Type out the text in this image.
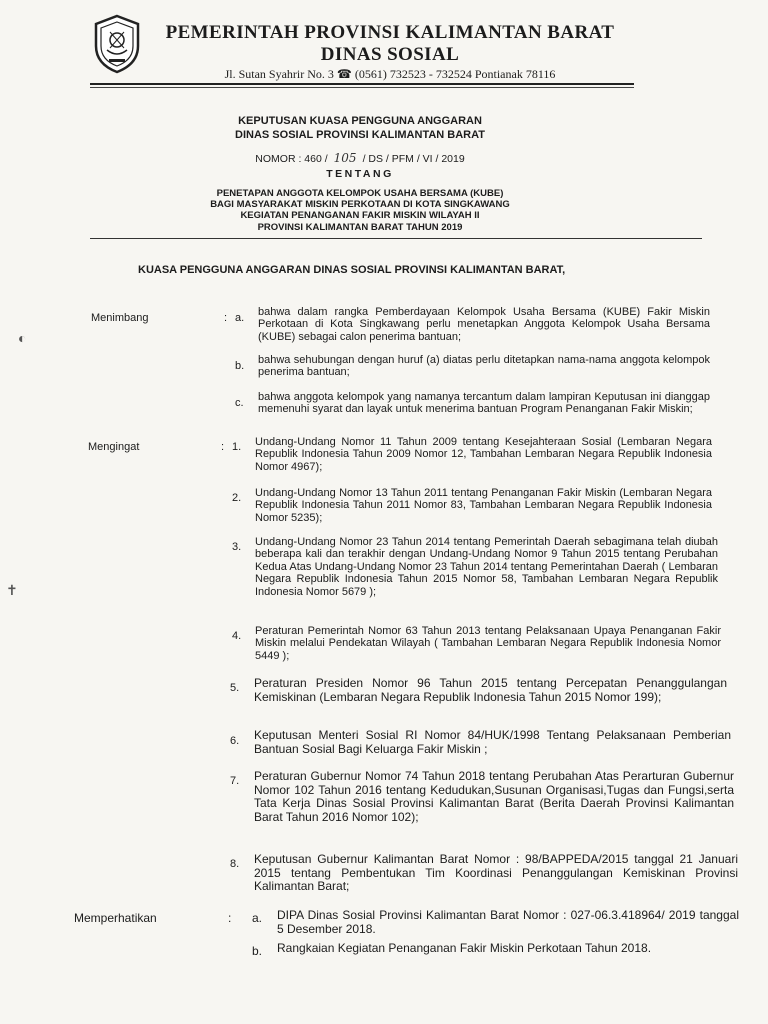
PEMERINTAH PROVINSI KALIMANTAN BARAT
DINAS SOSIAL
Jl. Sutan Syahrir No. 3 ☎ (0561) 732523 - 732524 Pontianak 78116
KEPUTUSAN KUASA PENGGUNA ANGGARAN
DINAS SOSIAL PROVINSI KALIMANTAN BARAT
NOMOR : 460 / 105 / DS / PFM / VI / 2019
TENTANG
PENETAPAN ANGGOTA KELOMPOK USAHA BERSAMA (KUBE)
BAGI MASYARAKAT MISKIN PERKOTAAN DI KOTA SINGKAWANG
KEGIATAN PENANGANAN FAKIR MISKIN WILAYAH II
PROVINSI KALIMANTAN BARAT TAHUN 2019
KUASA PENGGUNA ANGGARAN DINAS SOSIAL PROVINSI KALIMANTAN BARAT,
Menimbang	: a. bahwa dalam rangka Pemberdayaan Kelompok Usaha Bersama (KUBE) Fakir Miskin Perkotaan di Kota Singkawang perlu menetapkan Anggota Kelompok Usaha Bersama (KUBE) sebagai calon penerima bantuan;
b. bahwa sehubungan dengan huruf (a) diatas perlu ditetapkan nama-nama anggota kelompok penerima bantuan;
c. bahwa anggota kelompok yang namanya tercantum dalam lampiran Keputusan ini dianggap memenuhi syarat dan layak untuk menerima bantuan Program Penanganan Fakir Miskin;
Mengingat	: 1. Undang-Undang Nomor 11 Tahun 2009 tentang Kesejahteraan Sosial (Lembaran Negara Republik Indonesia Tahun 2009 Nomor 12, Tambahan Lembaran Negara Republik Indonesia Nomor 4967);
2. Undang-Undang Nomor 13 Tahun 2011 tentang Penanganan Fakir Miskin (Lembaran Negara Republik Indonesia Tahun 2011 Nomor 83, Tambahan Lembaran Negara Republik Indonesia Nomor 5235);
3. Undang-Undang Nomor 23 Tahun 2014 tentang Pemerintah Daerah sebagimana telah diubah beberapa kali dan terakhir dengan Undang-Undang Nomor 9 Tahun 2015 tentang Perubahan Kedua Atas Undang-Undang Nomor 23 Tahun 2014 tentang Pemerintahan Daerah ( Lembaran Negara Republik Indonesia Tahun 2015 Nomor 58, Tambahan Lembaran Negara Republik Indonesia Nomor 5679 );
4. Peraturan Pemerintah Nomor 63 Tahun 2013 tentang Pelaksanaan Upaya Penanganan Fakir Miskin melalui Pendekatan Wilayah ( Tambahan Lembaran Negara Republik Indonesia Nomor 5449 );
5. Peraturan Presiden Nomor 96 Tahun 2015 tentang Percepatan Penanggulangan Kemiskinan (Lembaran Negara Republik Indonesia Tahun 2015 Nomor 199);
6. Keputusan Menteri Sosial RI Nomor 84/HUK/1998 Tentang Pelaksanaan Pemberian Bantuan Sosial Bagi Keluarga Fakir Miskin ;
7. Peraturan Gubernur Nomor 74 Tahun 2018 tentang Perubahan Atas Perarturan Gubernur Nomor 102 Tahun 2016 tentang Kedudukan,Susunan Organisasi,Tugas dan Fungsi,serta Tata Kerja Dinas Sosial Provinsi Kalimantan Barat (Berita Daerah Provinsi Kalimantan Barat Tahun 2016 Nomor 102);
8. Keputusan Gubernur Kalimantan Barat Nomor : 98/BAPPEDA/2015 tanggal 21 Januari 2015 tentang Pembentukan Tim Koordinasi Penanggulangan Kemiskinan Provinsi Kalimantan Barat;
Memperhatikan	: a. DIPA Dinas Sosial Provinsi Kalimantan Barat Nomor : 027-06.3.418964/ 2019 tanggal 5 Desember 2018.
b. Rangkaian Kegiatan Penanganan Fakir Miskin Perkotaan Tahun 2018.
◐
✝
